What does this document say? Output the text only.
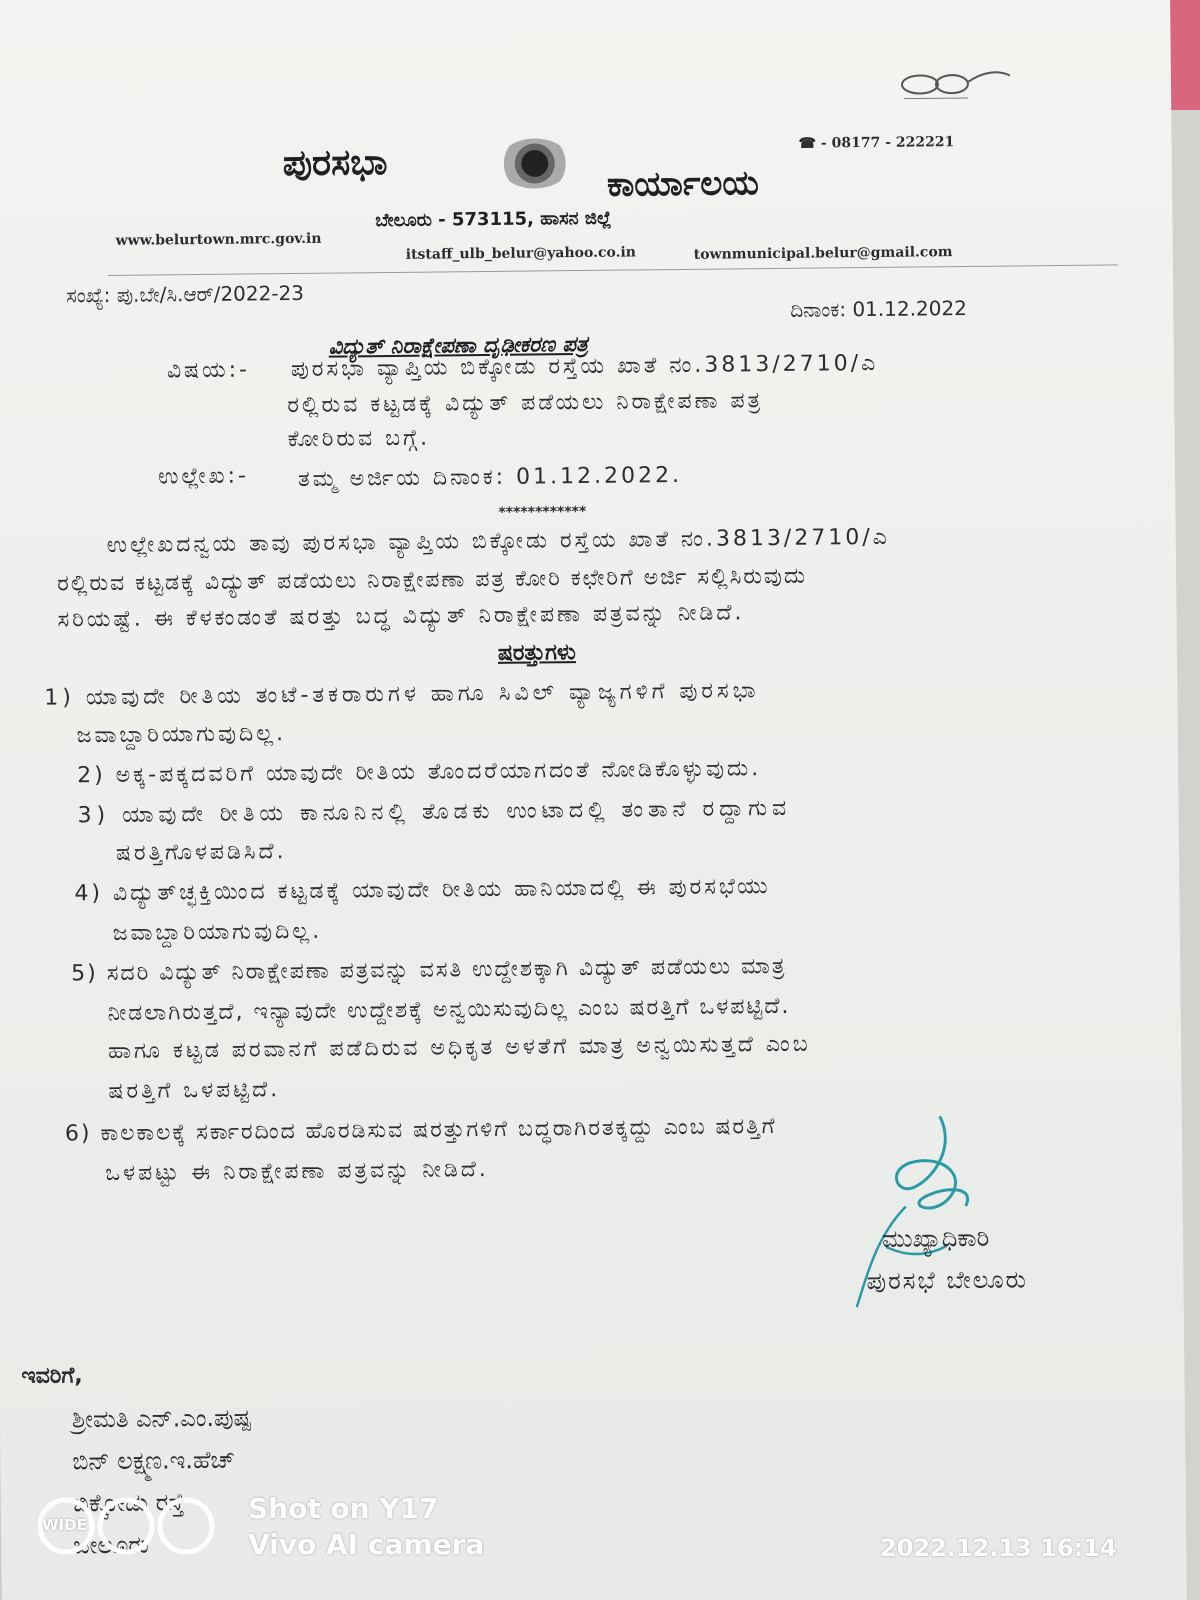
ಪುರಸಭಾ	ಕಾರ್ಯಾಲಯ
☎ - 08177 - 222221
ಬೇಲೂರು - 573115, ಹಾಸನ ಜಿಲ್ಲೆ
www.belurtown.mrc.gov.in
itstaff_ulb_belur@yahoo.co.in	townmunicipal.belur@gmail.com
ಸಂಖ್ಯೆ: ಪು.ಬೇ/ಸಿ.ಆರ್/2022-23
ದಿನಾಂಕ: 01.12.2022
ವಿದ್ಯುತ್ ನಿರಾಕ್ಷೇಪಣಾ ದೃಢೀಕರಣ ಪತ್ರ
ವಿಷಯ:- ಪುರಸಭಾ ವ್ಯಾಪ್ತಿಯ ಬಿಕ್ಕೋಡು ರಸ್ತೆಯ ಖಾತೆ ನಂ.3813/2710/ಎ
ರಲ್ಲಿರುವ ಕಟ್ಟಡಕ್ಕೆ ವಿದ್ಯುತ್ ಪಡೆಯಲು ನಿರಾಕ್ಷೇಪಣಾ ಪತ್ರ
ಕೋರಿರುವ ಬಗ್ಗೆ.
ಉಲ್ಲೇಖ:- ತಮ್ಮ ಅರ್ಜಿಯ ದಿನಾಂಕ: 01.12.2022.
************
ಉಲ್ಲೇಖದನ್ವಯ ತಾವು ಪುರಸಭಾ ವ್ಯಾಪ್ತಿಯ ಬಿಕ್ಕೋಡು ರಸ್ತೆಯ ಖಾತೆ ನಂ.3813/2710/ಎ
ರಲ್ಲಿರುವ ಕಟ್ಟಡಕ್ಕೆ ವಿದ್ಯುತ್ ಪಡೆಯಲು ನಿರಾಕ್ಷೇಪಣಾ ಪತ್ರ ಕೋರಿ ಕಛೇರಿಗೆ ಅರ್ಜಿ ಸಲ್ಲಿಸಿರುವುದು
ಸರಿಯಷ್ಟೆ. ಈ ಕೆಳಕಂಡಂತೆ ಷರತ್ತು ಬದ್ಧ ವಿದ್ಯುತ್ ನಿರಾಕ್ಷೇಪಣಾ ಪತ್ರವನ್ನು ನೀಡಿದೆ.
ಷರತ್ತುಗಳು
1) ಯಾವುದೇ ರೀತಿಯ ತಂಟೆ-ತಕರಾರುಗಳ ಹಾಗೂ ಸಿವಿಲ್ ವ್ಯಾಜ್ಯಗಳಿಗೆ ಪುರಸಭಾ
ಜವಾಬ್ದಾರಿಯಾಗುವುದಿಲ್ಲ.
2) ಅಕ್ಕ-ಪಕ್ಕದವರಿಗೆ ಯಾವುದೇ ರೀತಿಯ ತೊಂದರೆಯಾಗದಂತೆ ನೋಡಿಕೊಳ್ಳುವುದು.
3) ಯಾವುದೇ ರೀತಿಯ ಕಾನೂನಿನಲ್ಲಿ ತೊಡಕು ಉಂಟಾದಲ್ಲಿ ತಂತಾನೆ ರದ್ದಾಗುವ
ಷರತ್ತಿಗೊಳಪಡಿಸಿದೆ.
4) ವಿದ್ಯುತ್‌ಚ್ಛಕ್ತಿಯಿಂದ ಕಟ್ಟಡಕ್ಕೆ ಯಾವುದೇ ರೀತಿಯ ಹಾನಿಯಾದಲ್ಲಿ ಈ ಪುರಸಭೆಯು
ಜವಾಬ್ದಾರಿಯಾಗುವುದಿಲ್ಲ.
5) ಸದರಿ ವಿದ್ಯುತ್ ನಿರಾಕ್ಷೇಪಣಾ ಪತ್ರವನ್ನು ವಸತಿ ಉದ್ದೇಶಕ್ಕಾಗಿ ವಿದ್ಯುತ್ ಪಡೆಯಲು ಮಾತ್ರ
ನೀಡಲಾಗಿರುತ್ತದೆ, ಇನ್ಯಾವುದೇ ಉದ್ದೇಶಕ್ಕೆ ಅನ್ವಯಿಸುವುದಿಲ್ಲ ಎಂಬ ಷರತ್ತಿಗೆ ಒಳಪಟ್ಟಿದೆ.
ಹಾಗೂ ಕಟ್ಟಡ ಪರವಾನಗೆ ಪಡೆದಿರುವ ಅಧಿಕೃತ ಅಳತೆಗೆ ಮಾತ್ರ ಅನ್ವಯಿಸುತ್ತದೆ ಎಂಬ
ಷರತ್ತಿಗೆ ಒಳಪಟ್ಟಿದೆ.
6) ಕಾಲಕಾಲಕ್ಕೆ ಸರ್ಕಾರದಿಂದ ಹೊರಡಿಸುವ ಷರತ್ತುಗಳಿಗೆ ಬದ್ಧರಾಗಿರತಕ್ಕದ್ದು ಎಂಬ ಷರತ್ತಿಗೆ
ಒಳಪಟ್ಟು ಈ ನಿರಾಕ್ಷೇಪಣಾ ಪತ್ರವನ್ನು ನೀಡಿದೆ.
ಮುಖ್ಯಾಧಿಕಾರಿ
ಪುರಸಭೆ ಬೇಲೂರು
ಇವರಿಗೆ,
ಶ್ರೀಮತಿ ಎನ್.ಎಂ.ಪುಷ್ಪ
ಬಿನ್ ಲಕ್ಷ್ಮಣ.ಇ.ಹೆಚ್
ಬಿಕ್ಕೋಡು ರಸ್ತೆ
ಬೇಲೂರು
WIDE	Shot on Y17
Vivo AI camera	2022.12.13 16:14
